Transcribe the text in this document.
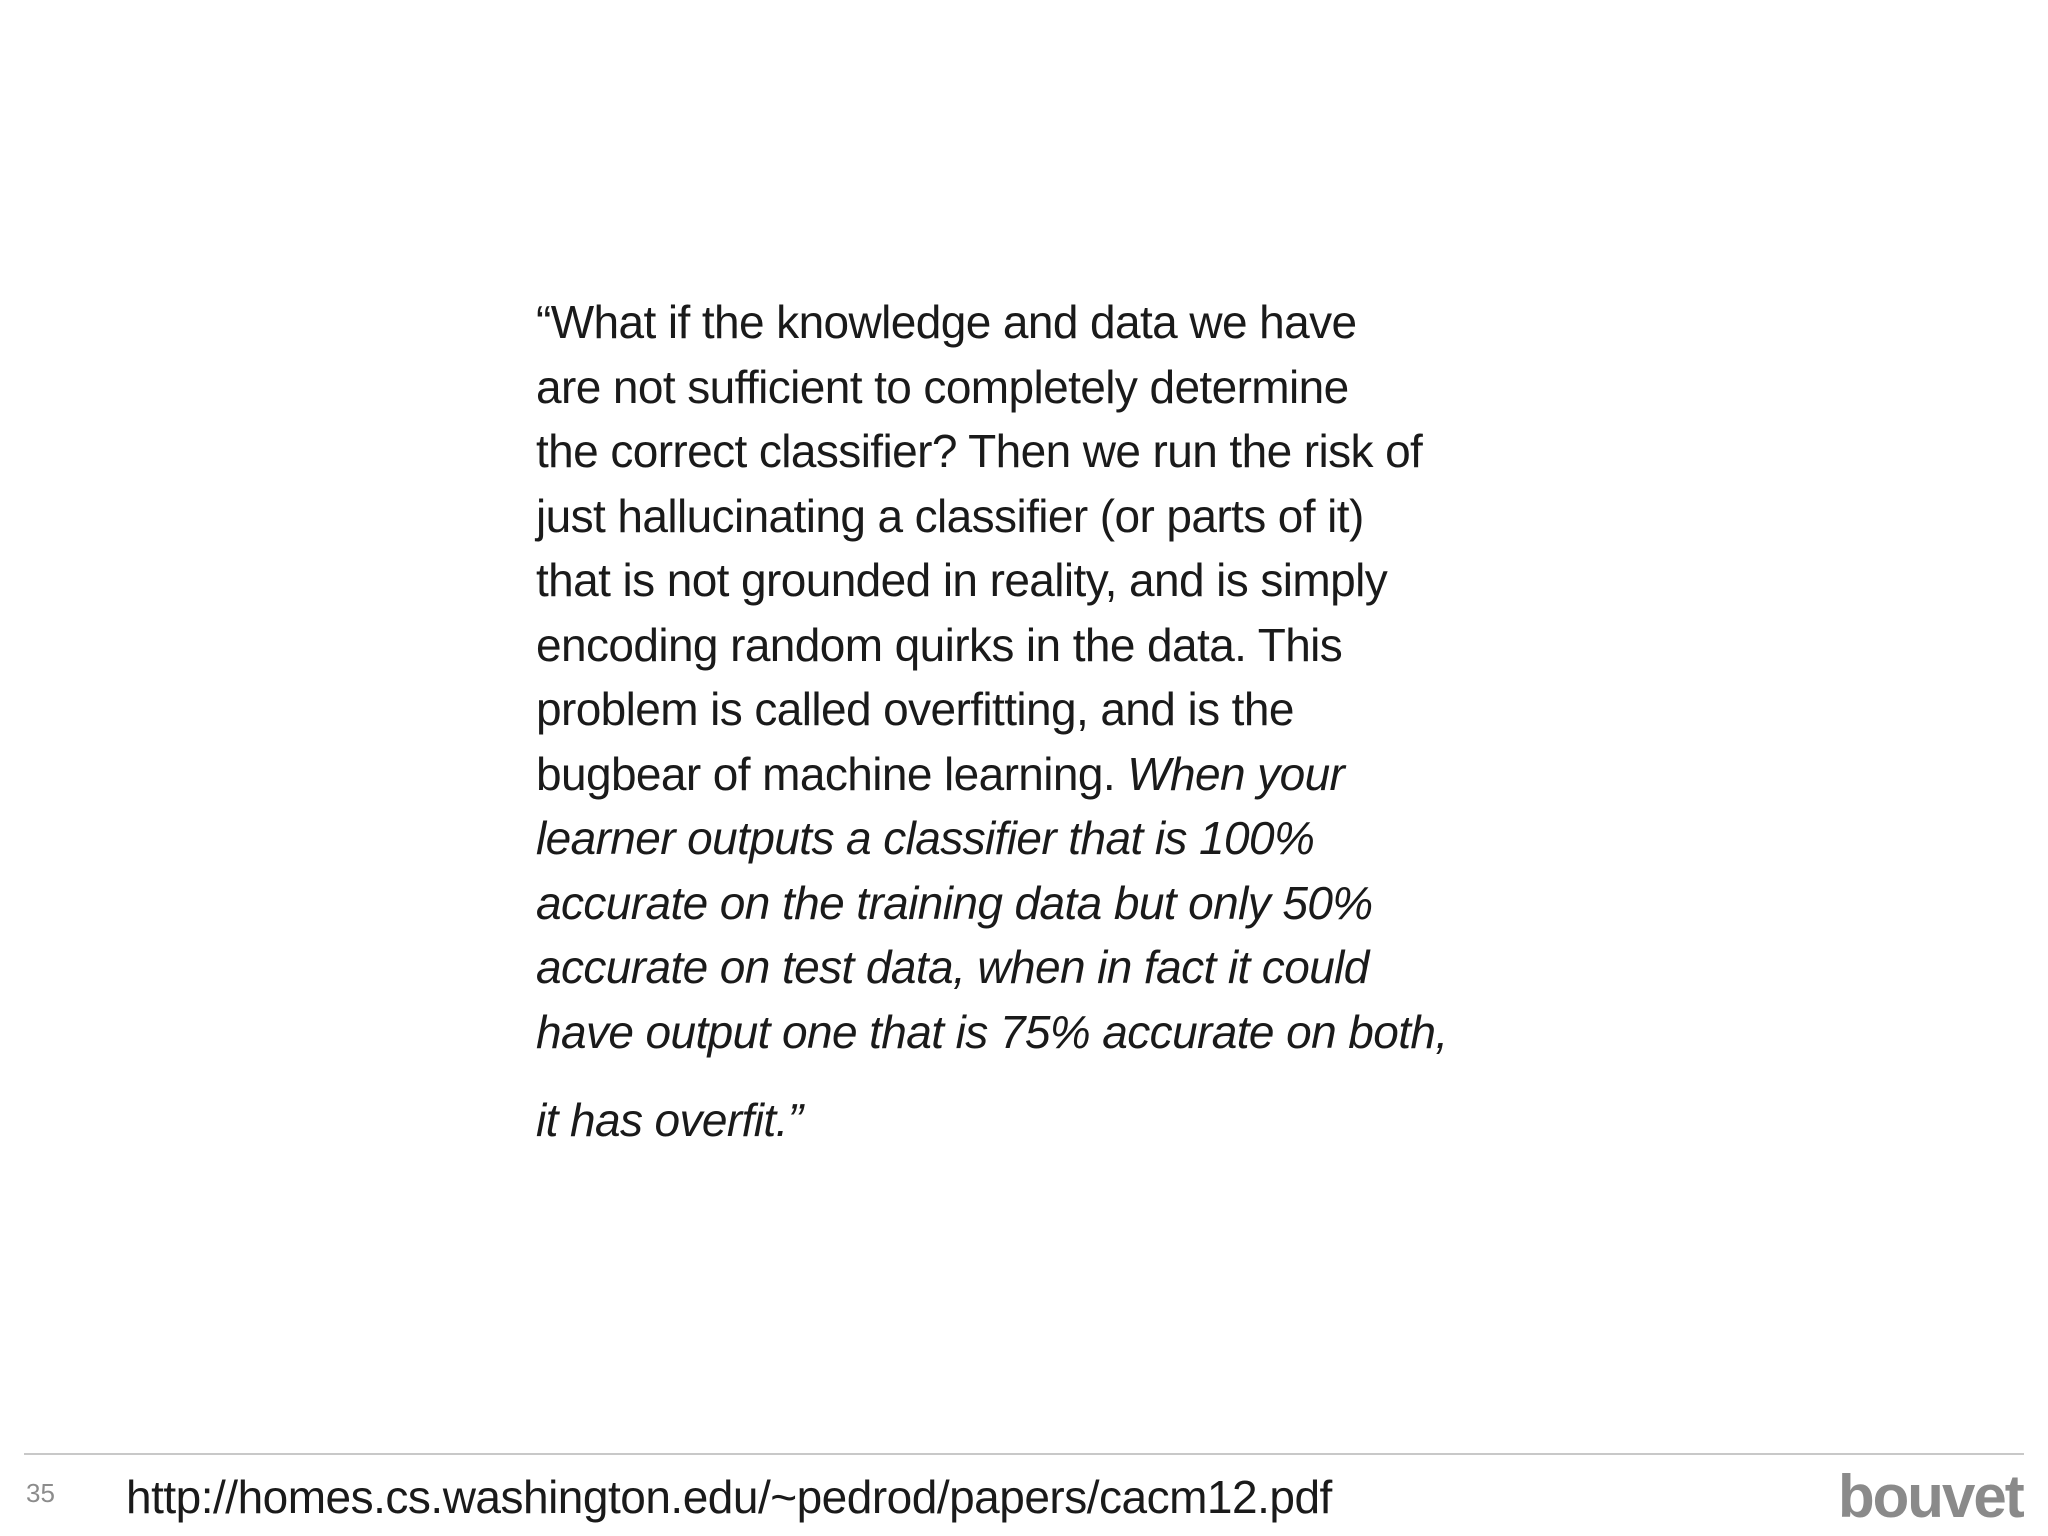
“What if the knowledge and data we have
are not sufficient to completely determine
the correct classifier? Then we run the risk of
just hallucinating a classifier (or parts of it)
that is not grounded in reality, and is simply
encoding random quirks in the data. This
problem is called overfitting, and is the
bugbear of machine learning. When your
learner outputs a classifier that is 100%
accurate on the training data but only 50%
accurate on test data, when in fact it could
have output one that is 75% accurate on both,
it has overfit.”
35 http://homes.cs.washington.edu/~pedrod/papers/cacm12.pdf	bouvet
